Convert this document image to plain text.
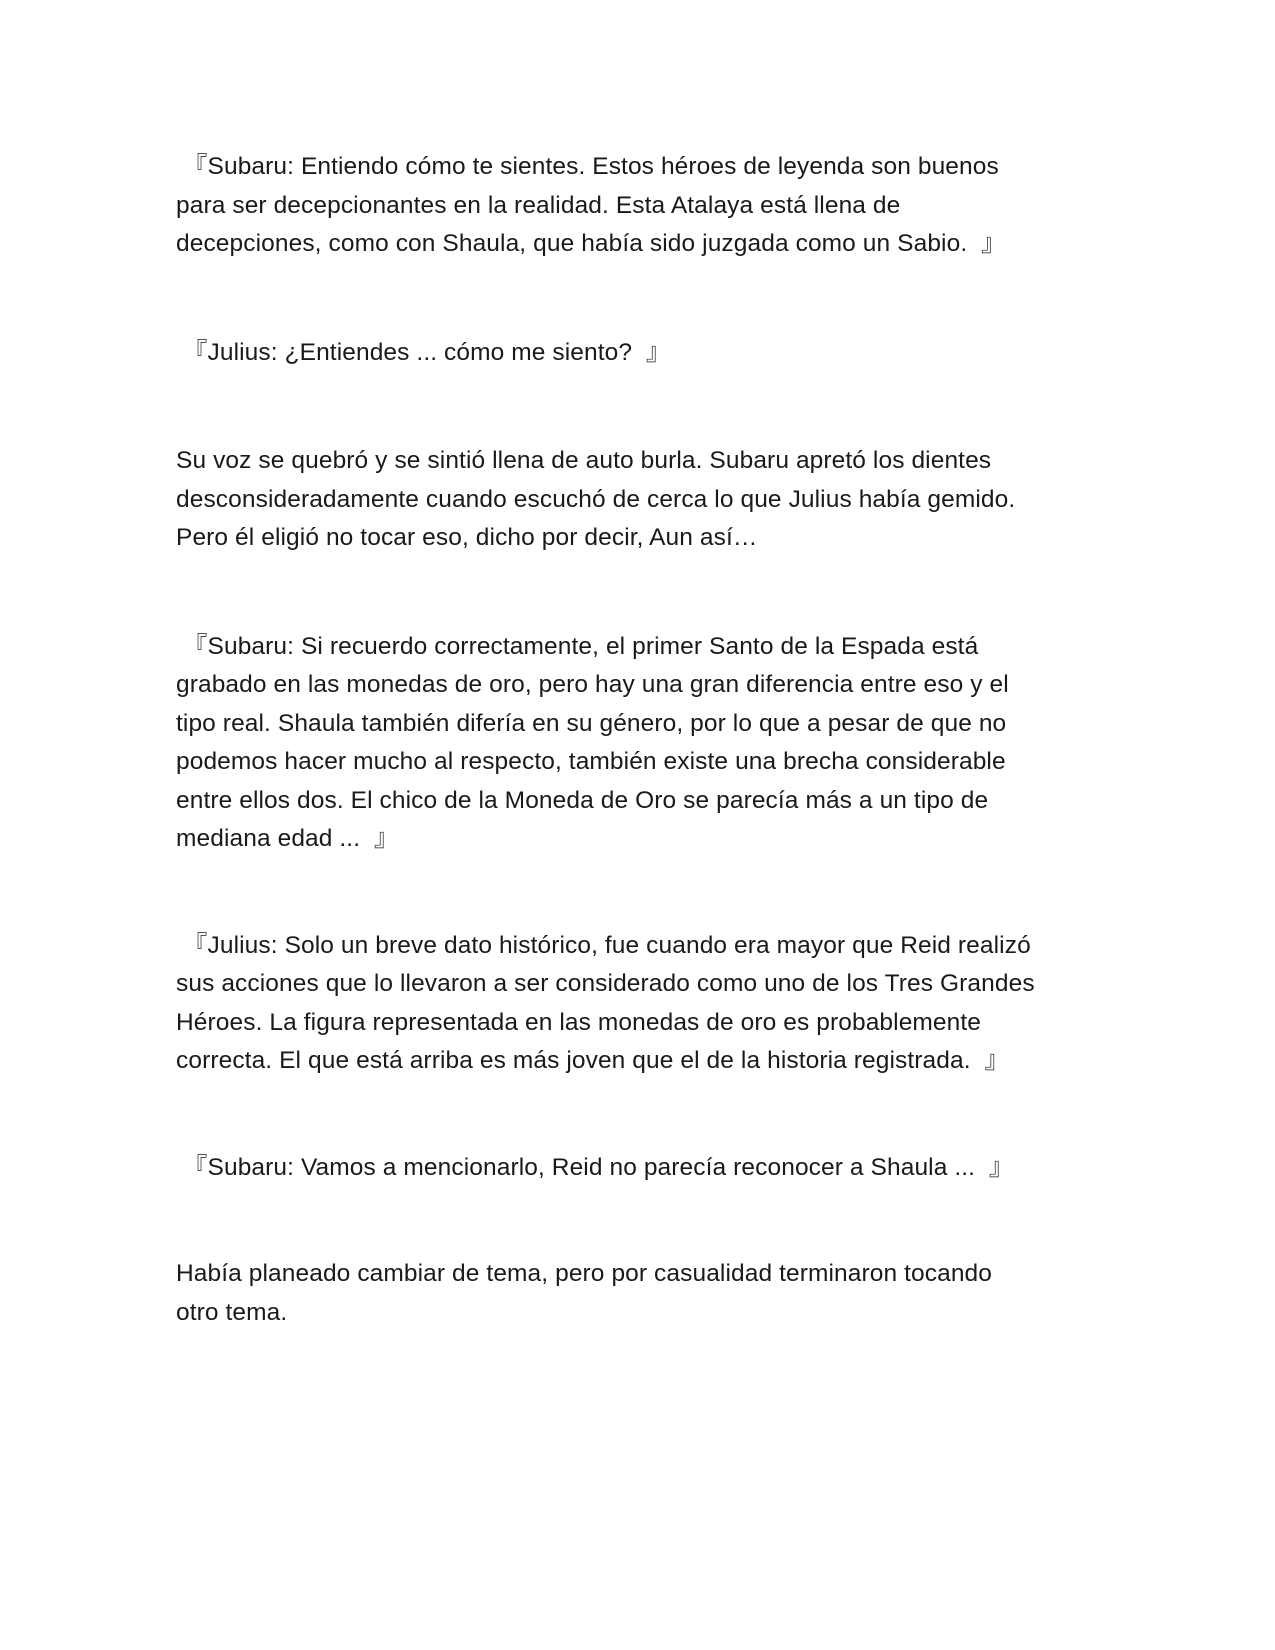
『Subaru: Entiendo cómo te sientes. Estos héroes de leyenda son buenos
para ser decepcionantes en la realidad. Esta Atalaya está llena de
decepciones, como con Shaula, que había sido juzgada como un Sabio.  』

『Julius: ¿Entiendes ... cómo me siento?  』

Su voz se quebró y se sintió llena de auto burla. Subaru apretó los dientes
desconsideradamente cuando escuchó de cerca lo que Julius había gemido.
Pero él eligió no tocar eso, dicho por decir, Aun así…

『Subaru: Si recuerdo correctamente, el primer Santo de la Espada está
grabado en las monedas de oro, pero hay una gran diferencia entre eso y el
tipo real. Shaula también difería en su género, por lo que a pesar de que no
podemos hacer mucho al respecto, también existe una brecha considerable
entre ellos dos. El chico de la Moneda de Oro se parecía más a un tipo de
mediana edad ...  』

『Julius: Solo un breve dato histórico, fue cuando era mayor que Reid realizó
sus acciones que lo llevaron a ser considerado como uno de los Tres Grandes
Héroes. La figura representada en las monedas de oro es probablemente
correcta. El que está arriba es más joven que el de la historia registrada.  』

『Subaru: Vamos a mencionarlo, Reid no parecía reconocer a Shaula ...  』

Había planeado cambiar de tema, pero por casualidad terminaron tocando
otro tema.
